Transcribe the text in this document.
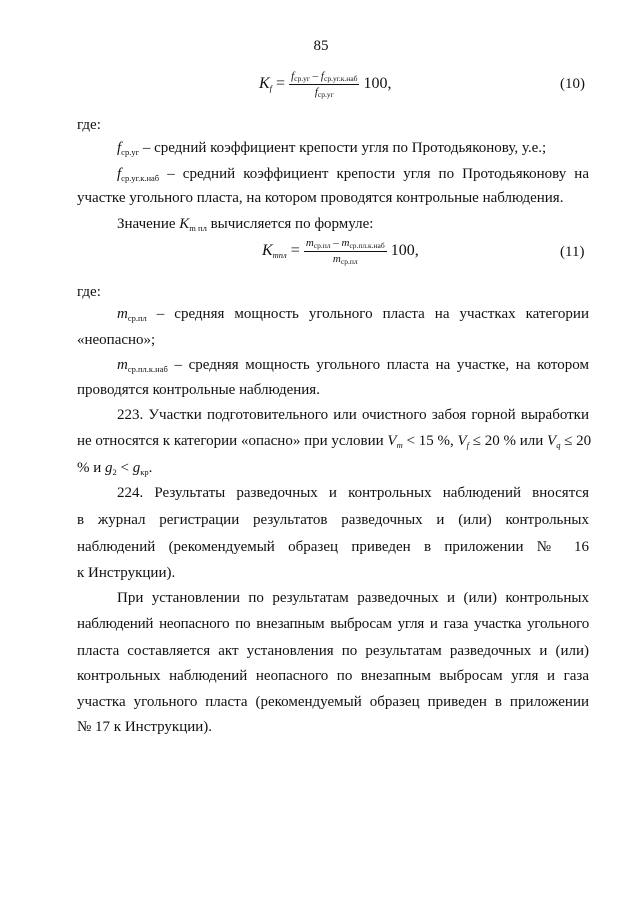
85
$Kf = \frac{\text{fср.уг – fср.уг.к.наб}}{\text{fср.уг}} 100$,	(10)
где:
$f_{ср.уг}$ – средний коэффициент крепости угля по Протодьяконову, у.е.;
$f_{ср.уг.к.наб}$ – средний коэффициент крепости угля по Протодьяконову на
участке угольного пласта, на котором проводятся контрольные наблюдения.
Значение $K_{m пл}$ вычисляется по формуле:
Kmпл = $\frac{\text{mср.пл – mср.пл.к.наб}}{\text{mср.пл}} 100$,	(11)
где:
$m_{ср.пл}$ – средняя мощность угольного пласта на участках категории
«неопасно»;
$m_{ср.пл.к.наб}$ – средняя мощность угольного пласта на участке, на котором
проводятся контрольные наблюдения.
223. Участки подготовительного или очистного забоя горной выработки
не относятся к категории «опасно» при условии $V_m < 15$ %, $V_f \le 20$ % или $V_q \le 20$
% и $g_2 < g_{кр}$.
224. Результаты разведочных и контрольных наблюдений вносятся
в журнал регистрации результатов разведочных и (или) контрольных
наблюдений (рекомендуемый образец приведен в приложении № 16
к Инструкции).
При установлении по результатам разведочных и (или) контрольных
наблюдений неопасного по внезапным выбросам угля и газа участка угольного
пласта составляется акт установления по результатам разведочных и (или)
контрольных наблюдений неопасного по внезапным выбросам угля и газа
участка угольного пласта (рекомендуемый образец приведен в приложении
№ 17 к Инструкции).
